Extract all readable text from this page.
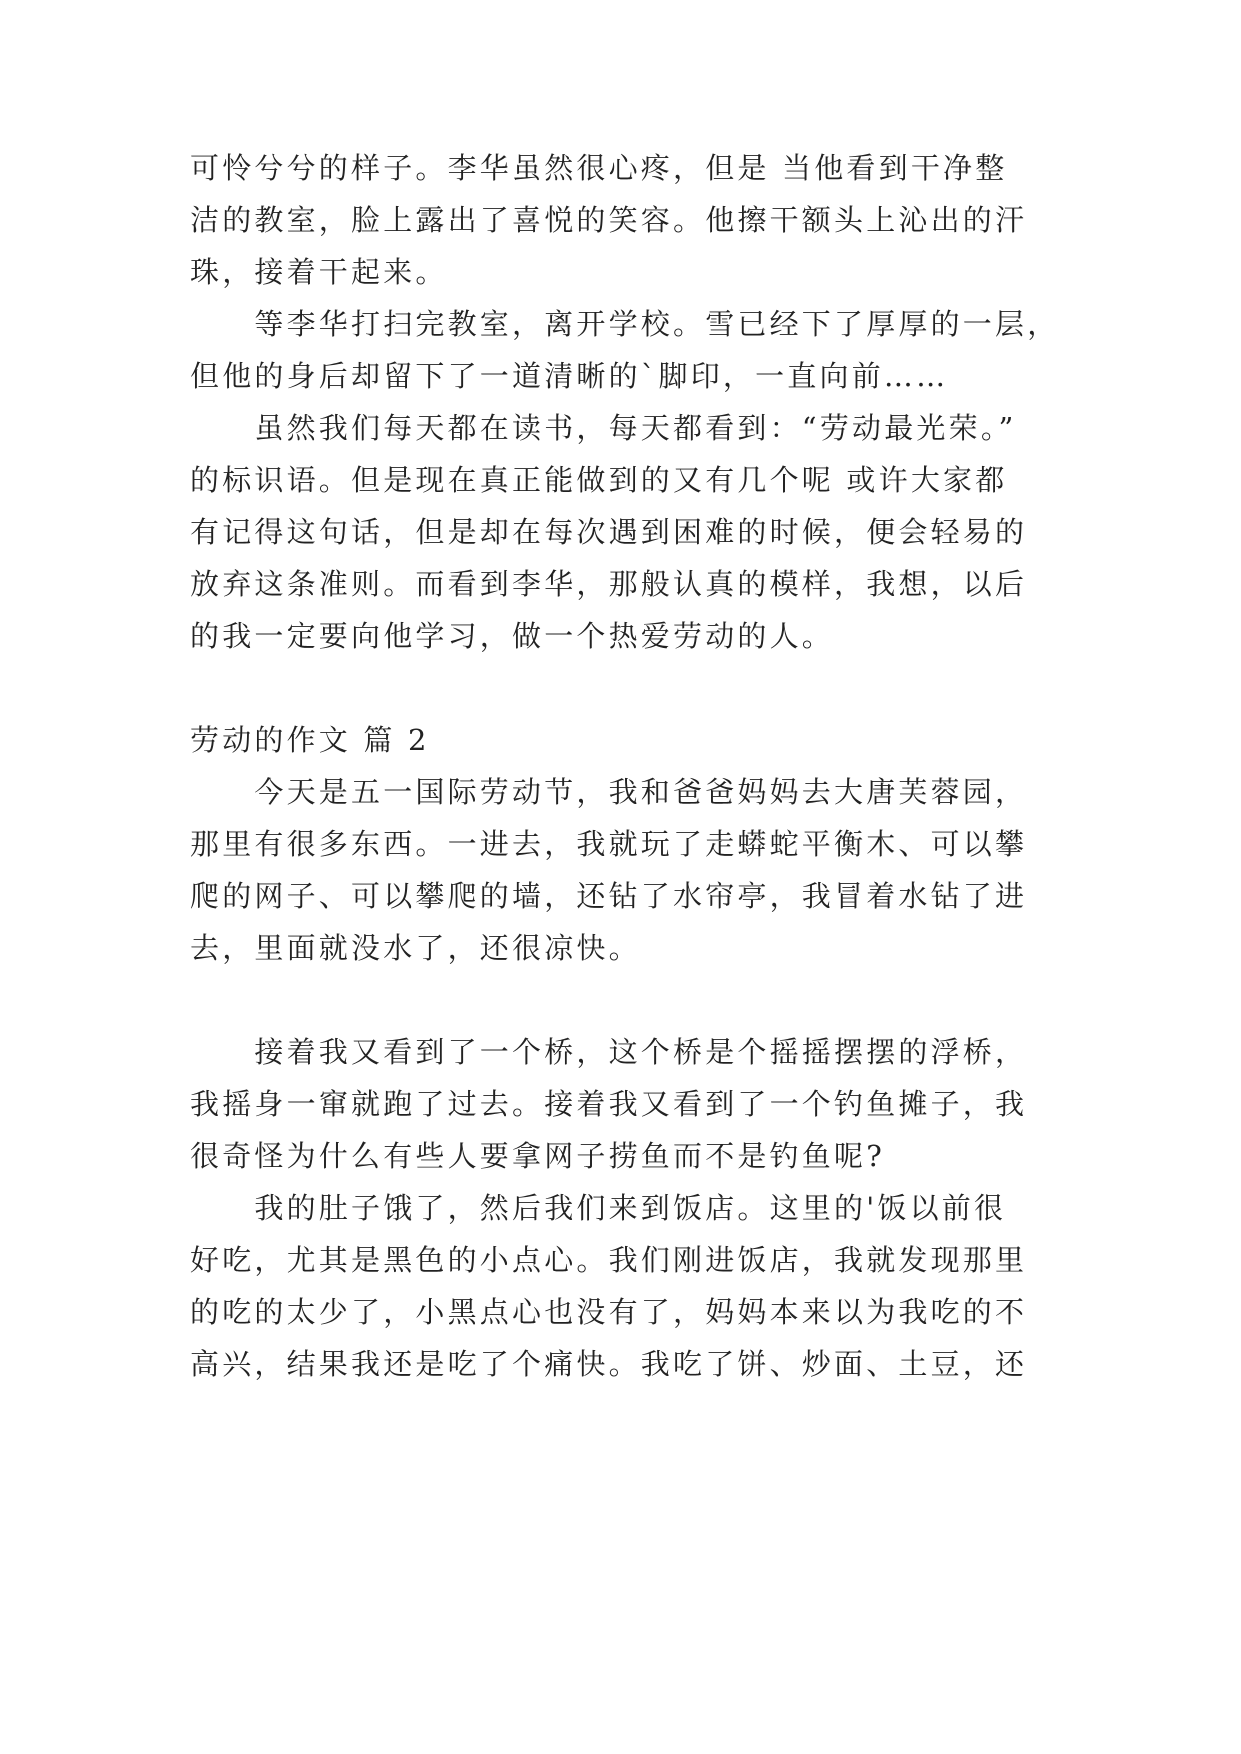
可怜兮兮的样子。李华虽然很心疼，但是 当他看到干净整
洁的教室，脸上露出了喜悦的笑容。他擦干额头上沁出的汗
珠，接着干起来。
　　等李华打扫完教室，离开学校。雪已经下了厚厚的一层，
但他的身后却留下了一道清晰的`脚印，一直向前……
　　虽然我们每天都在读书，每天都看到：“劳动最光荣。”
的标识语。但是现在真正能做到的又有几个呢 或许大家都
有记得这句话，但是却在每次遇到困难的时候，便会轻易的
放弃这条准则。而看到李华，那般认真的模样，我想，以后
的我一定要向他学习，做一个热爱劳动的人。
劳动的作文 篇 2
　　今天是五一国际劳动节，我和爸爸妈妈去大唐芙蓉园，
那里有很多东西。一进去，我就玩了走蟒蛇平衡木、可以攀
爬的网子、可以攀爬的墙，还钻了水帘亭，我冒着水钻了进
去，里面就没水了，还很凉快。
　　接着我又看到了一个桥，这个桥是个摇摇摆摆的浮桥，
我摇身一窜就跑了过去。接着我又看到了一个钓鱼摊子，我
很奇怪为什么有些人要拿网子捞鱼而不是钓鱼呢?
　　我的肚子饿了，然后我们来到饭店。这里的'饭以前很
好吃，尤其是黑色的小点心。我们刚进饭店，我就发现那里
的吃的太少了，小黑点心也没有了，妈妈本来以为我吃的不
高兴，结果我还是吃了个痛快。我吃了饼、炒面、土豆，还
